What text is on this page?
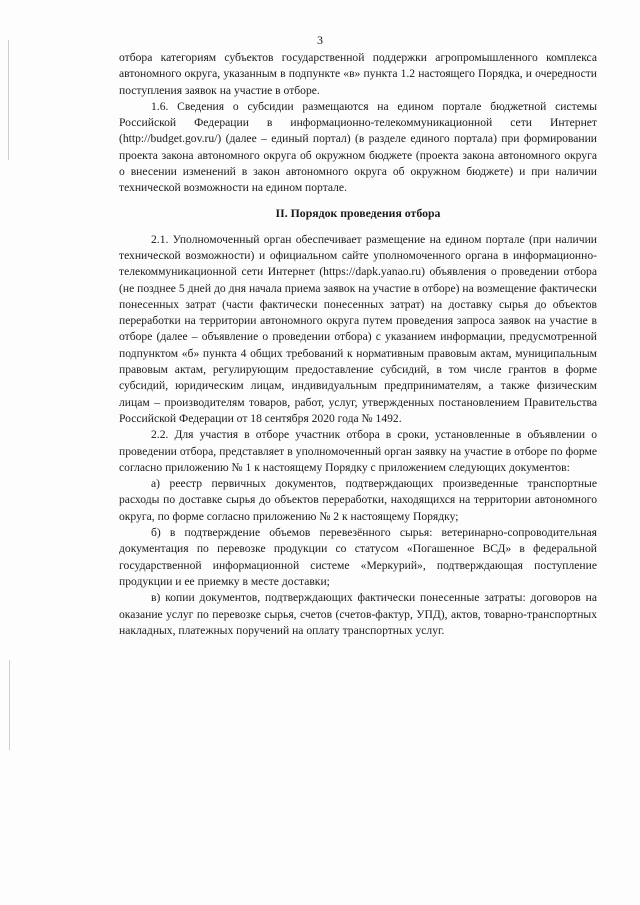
3

отбора категориям субъектов государственной поддержки агропромышленного комплекса автономного округа, указанным в подпункте «в» пункта 1.2 настоящего Порядка, и очередности поступления заявок на участие в отборе.

1.6. Сведения о субсидии размещаются на едином портале бюджетной системы Российской Федерации в информационно-телекоммуникационной сети Интернет (http://budget.gov.ru/) (далее – единый портал) (в разделе единого портала) при формировании проекта закона автономного округа об окружном бюджете (проекта закона автономного округа о внесении изменений в закон автономного округа об окружном бюджете) и при наличии технической возможности на едином портале.

II. Порядок проведения отбора

2.1. Уполномоченный орган обеспечивает размещение на едином портале (при наличии технической возможности) и официальном сайте уполномоченного органа в информационно-телекоммуникационной сети Интернет (https://dapk.yanao.ru) объявления о проведении отбора (не позднее 5 дней до дня начала приема заявок на участие в отборе) на возмещение фактически понесенных затрат (части фактически понесенных затрат) на доставку сырья до объектов переработки на территории автономного округа путем проведения запроса заявок на участие в отборе (далее – объявление о проведении отбора) с указанием информации, предусмотренной подпунктом «б» пункта 4 общих требований к нормативным правовым актам, муниципальным правовым актам, регулирующим предоставление субсидий, в том числе грантов в форме субсидий, юридическим лицам, индивидуальным предпринимателям, а также физическим лицам – производителям товаров, работ, услуг, утвержденных постановлением Правительства Российской Федерации от 18 сентября 2020 года № 1492.

2.2. Для участия в отборе участник отбора в сроки, установленные в объявлении о проведении отбора, представляет в уполномоченный орган заявку на участие в отборе по форме согласно приложению № 1 к настоящему Порядку с приложением следующих документов:

а) реестр первичных документов, подтверждающих произведенные транспортные расходы по доставке сырья до объектов переработки, находящихся на территории автономного округа, по форме согласно приложению № 2 к настоящему Порядку;

б) в подтверждение объемов перевезённого сырья: ветеринарно-сопроводительная документация по перевозке продукции со статусом «Погашенное ВСД» в федеральной государственной информационной системе «Меркурий», подтверждающая поступление продукции и ее приемку в месте доставки;

в) копии документов, подтверждающих фактически понесенные затраты: договоров на оказание услуг по перевозке сырья, счетов (счетов-фактур, УПД), актов, товарно-транспортных накладных, платежных поручений на оплату транспортных услуг.
